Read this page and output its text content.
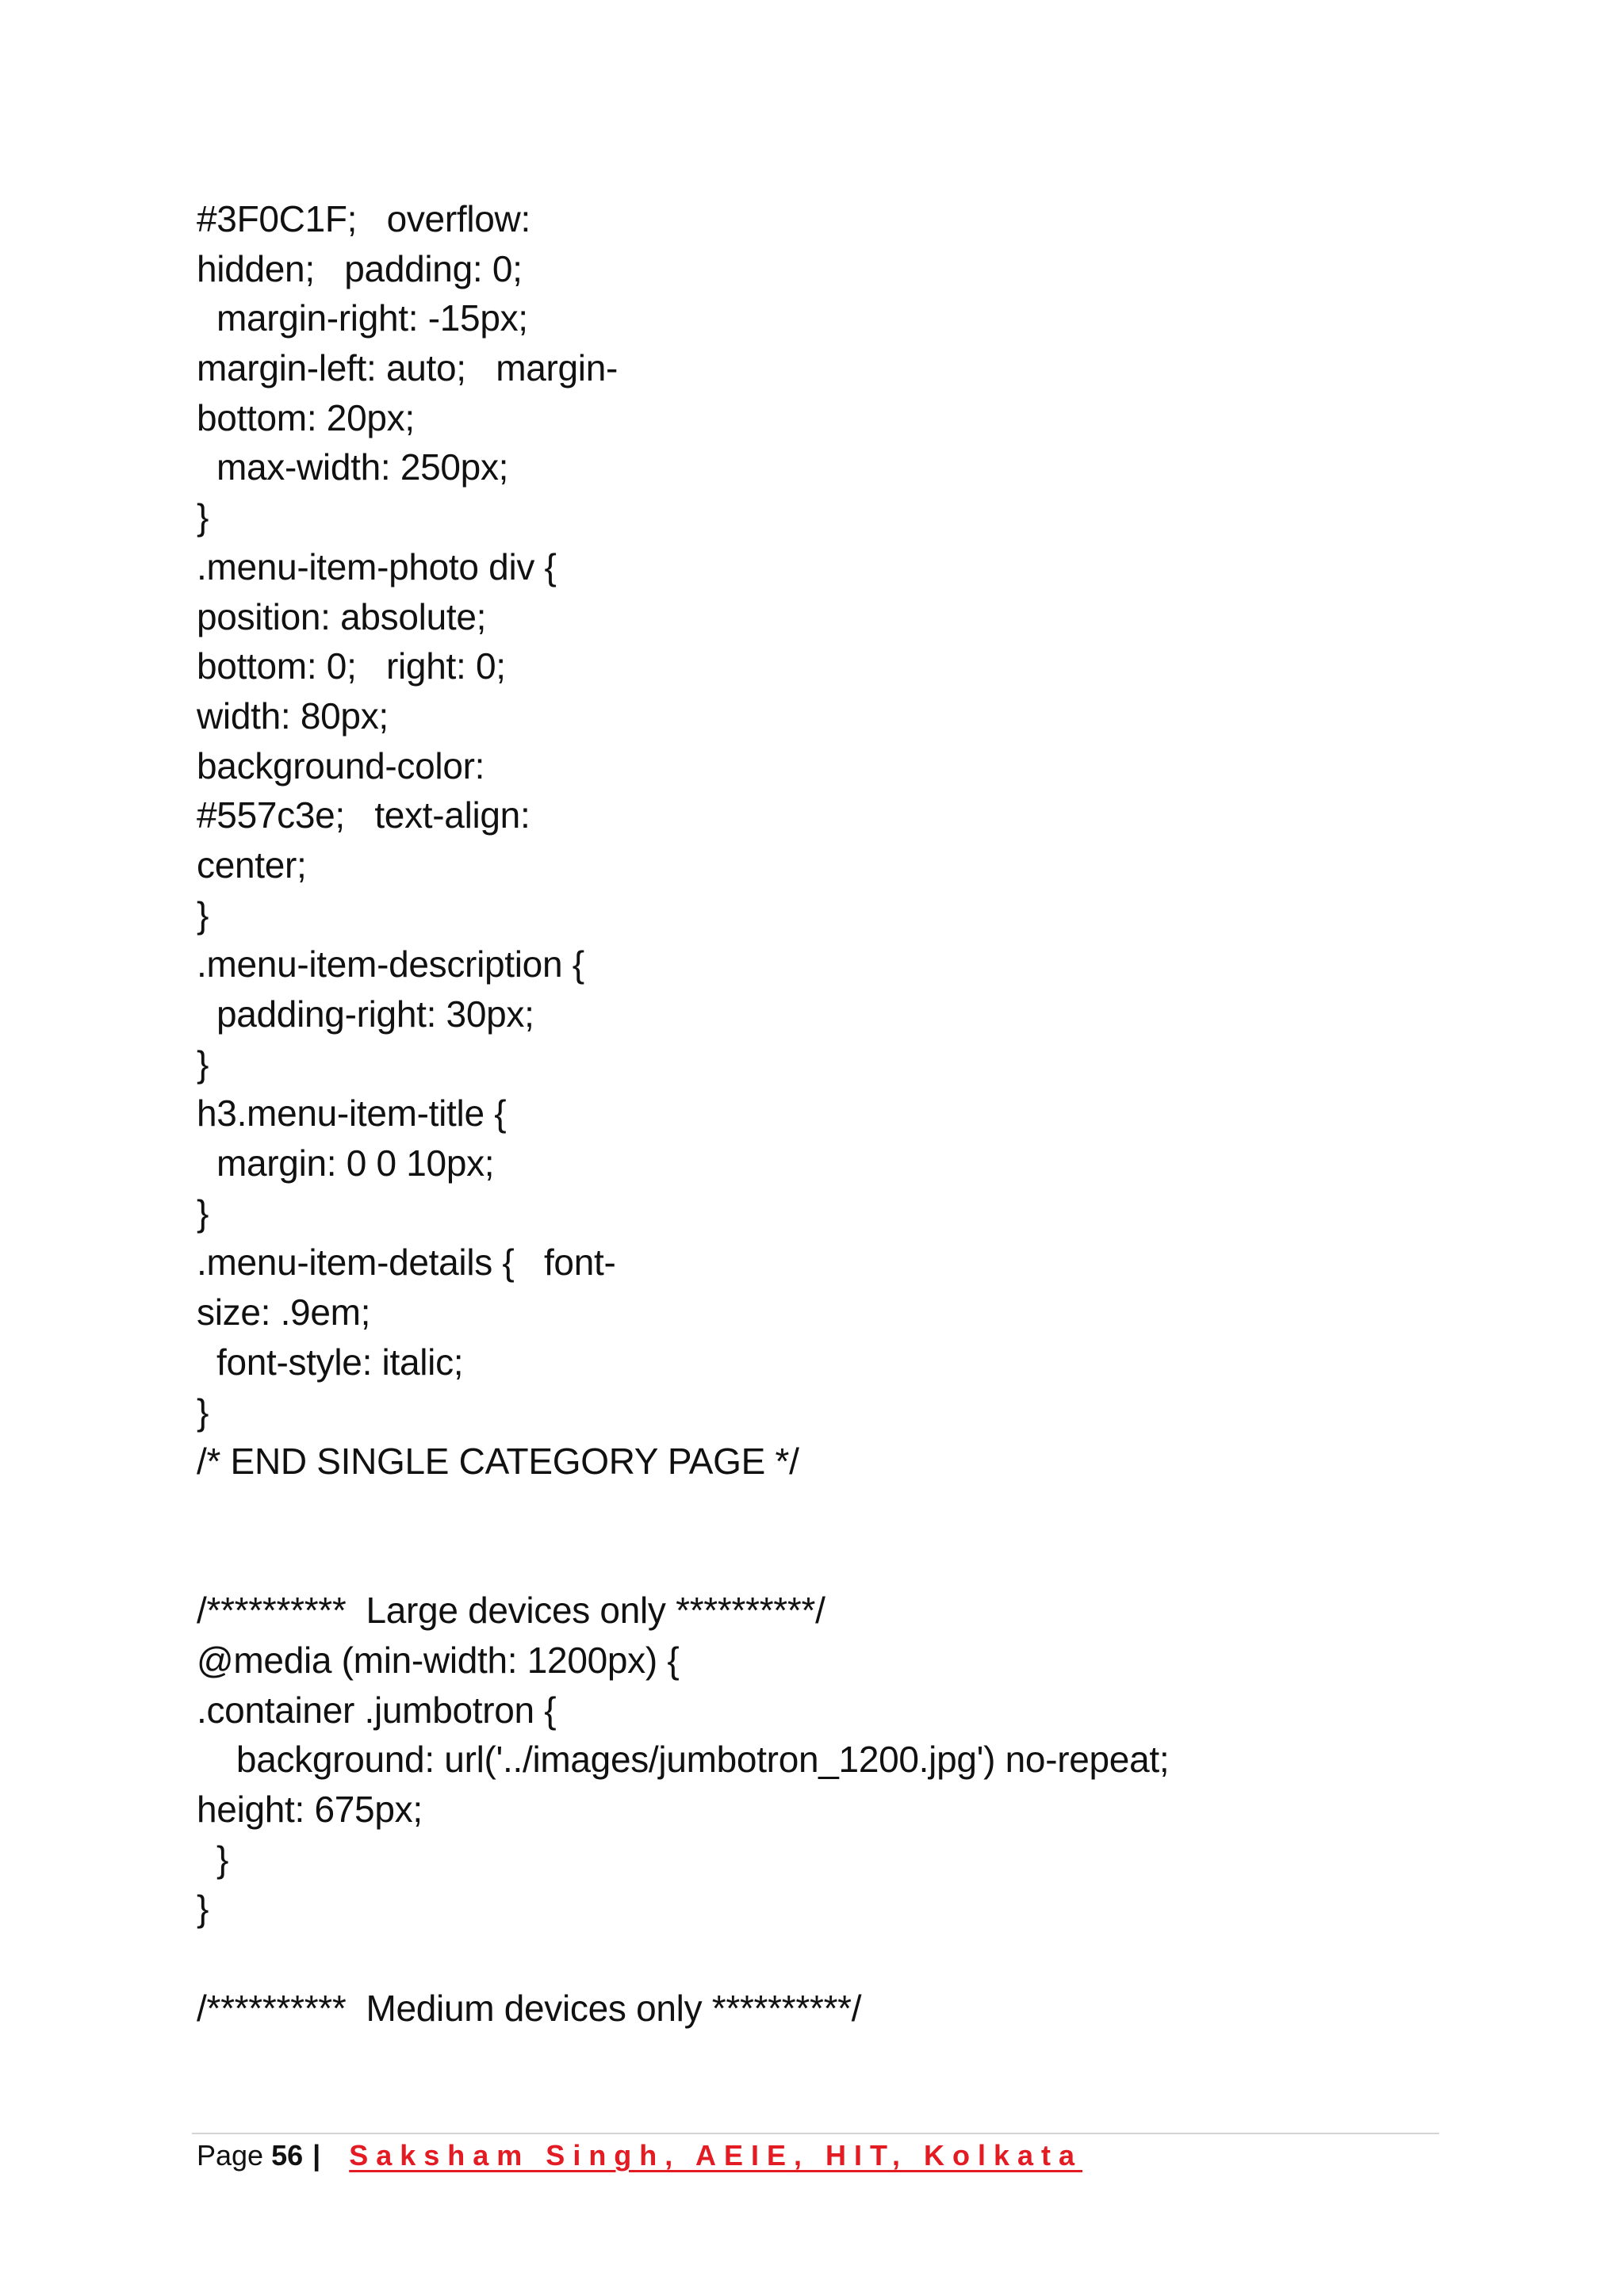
#3F0C1F;   overflow:
hidden;   padding: 0;
margin-right: -15px;
margin-left: auto;   margin-
bottom: 20px;
max-width: 250px;
}
.menu-item-photo div {
position: absolute;
bottom: 0;   right: 0;
width: 80px;
background-color:
#557c3e;   text-align:
center;
}
.menu-item-description {
padding-right: 30px;
}
h3.menu-item-title {
margin: 0 0 10px;
}
.menu-item-details {   font-
size: .9em;
font-style: italic;
}
/* END SINGLE CATEGORY PAGE */
/**********  Large devices only **********/
@media (min-width: 1200px) {
.container .jumbotron {
background: url('../images/jumbotron_1200.jpg') no-repeat;
height: 675px;
}
}
/**********  Medium devices only **********/
Page 56 | Saksham Singh, AEIE, HIT, Kolkata
